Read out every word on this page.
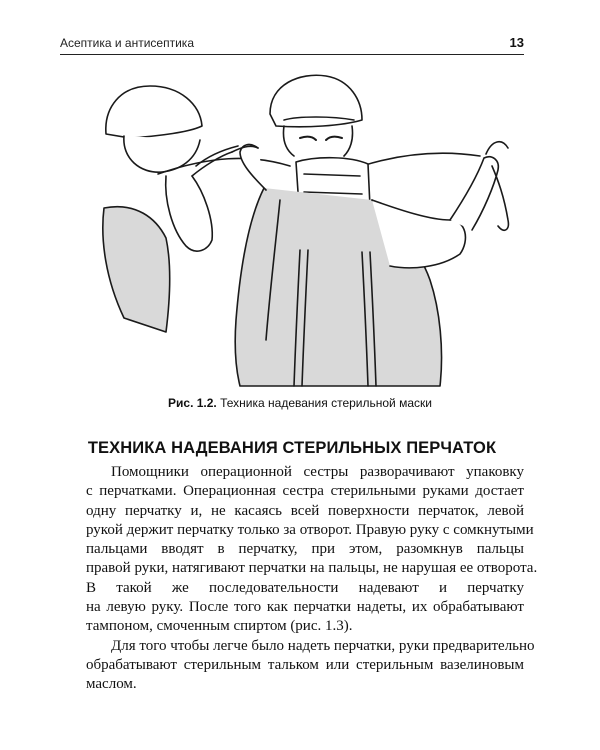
Асептика и антисептика	13
Рис. 1.2. Техника надевания стерильной маски
ТЕХНИКА НАДЕВАНИЯ СТЕРИЛЬНЫХ ПЕРЧАТОК
Помощники операционной сестры разворачивают упаковку
с перчатками. Операционная сестра стерильными руками достает
одну перчатку и, не касаясь всей поверхности перчаток, левой
рукой держит перчатку только за отворот. Правую руку с сомкнутыми
пальцами вводят в перчатку, при этом, разомкнув пальцы
правой руки, натягивают перчатки на пальцы, не нарушая ее отворота.
В такой же последовательности надевают и перчатку
на левую руку. После того как перчатки надеты, их обрабатывают
тампоном, смоченным спиртом (рис. 1.3).
Для того чтобы легче было надеть перчатки, руки предварительно
обрабатывают стерильным тальком или стерильным вазелиновым
маслом.
